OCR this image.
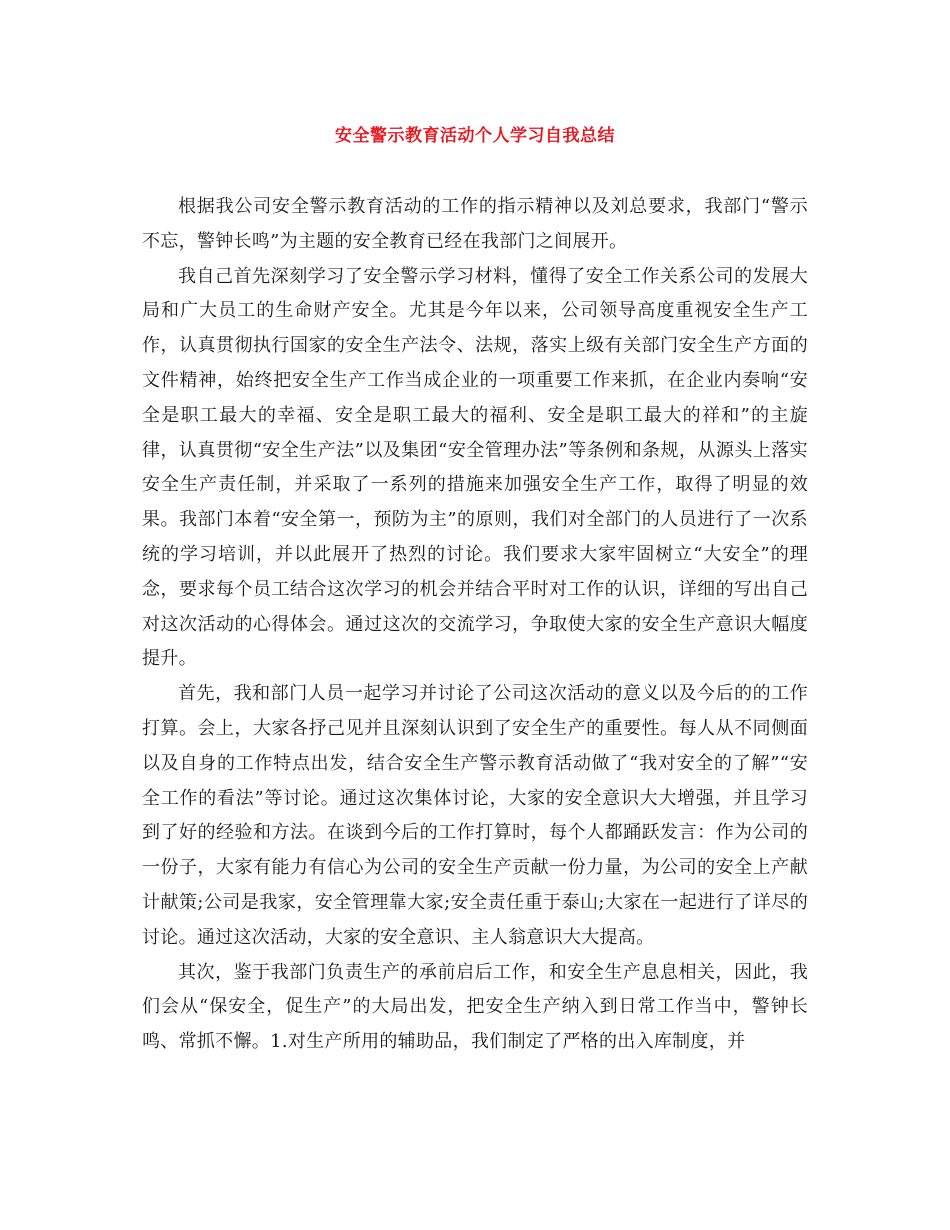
安全警示教育活动个人学习自我总结

根据我公司安全警示教育活动的工作的指示精神以及刘总要求，我部门“警示不忘，警钟长鸣”为主题的安全教育已经在我部门之间展开。

我自己首先深刻学习了安全警示学习材料，懂得了安全工作关系公司的发展大局和广大员工的生命财产安全。尤其是今年以来，公司领导高度重视安全生产工作，认真贯彻执行国家的安全生产法令、法规，落实上级有关部门安全生产方面的文件精神，始终把安全生产工作当成企业的一项重要工作来抓，在企业内奏响“安全是职工最大的幸福、安全是职工最大的福利、安全是职工最大的祥和”的主旋律，认真贯彻“安全生产法”以及集团“安全管理办法”等条例和条规，从源头上落实安全生产责任制，并采取了一系列的措施来加强安全生产工作，取得了明显的效果。我部门本着“安全第一，预防为主”的原则，我们对全部门的人员进行了一次系统的学习培训，并以此展开了热烈的讨论。我们要求大家牢固树立“大安全”的理念，要求每个员工结合这次学习的机会并结合平时对工作的认识，详细的写出自己对这次活动的心得体会。通过这次的交流学习，争取使大家的安全生产意识大幅度提升。

首先，我和部门人员一起学习并讨论了公司这次活动的意义以及今后的的工作打算。会上，大家各抒己见并且深刻认识到了安全生产的重要性。每人从不同侧面以及自身的工作特点出发，结合安全生产警示教育活动做了“我对安全的了解”“安全工作的看法”等讨论。通过这次集体讨论，大家的安全意识大大增强，并且学习到了好的经验和方法。在谈到今后的工作打算时，每个人都踊跃发言：作为公司的一份子，大家有能力有信心为公司的安全生产贡献一份力量，为公司的安全上产献计献策;公司是我家，安全管理靠大家;安全责任重于泰山;大家在一起进行了详尽的讨论。通过这次活动，大家的安全意识、主人翁意识大大提高。

其次，鉴于我部门负责生产的承前启后工作，和安全生产息息相关，因此，我们会从“保安全，促生产”的大局出发，把安全生产纳入到日常工作当中，警钟长鸣、常抓不懈。1.对生产所用的辅助品，我们制定了严格的出入库制度，并
